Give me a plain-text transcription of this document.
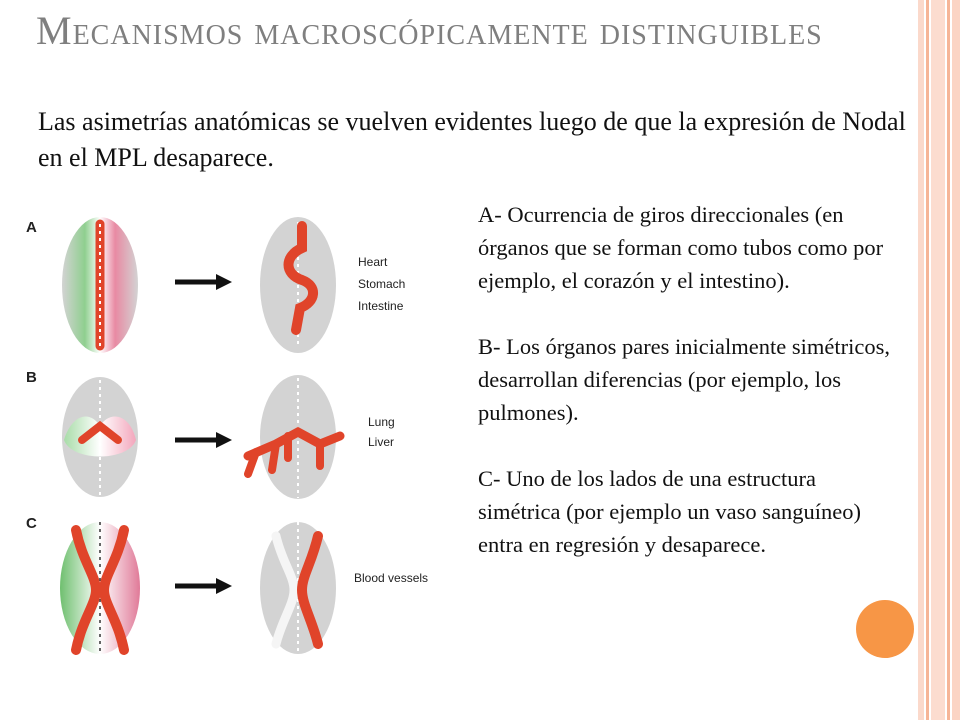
Mecanismos macroscópicamente distinguibles
Las asimetrías anatómicas se vuelven evidentes luego de que la expresión de Nodal en el MPL desaparece.
A
B
C
Heart
Stomach
Intestine
Lung
Liver
Blood vessels

A- Ocurrencia de giros direccionales (en órganos que se forman como tubos como por ejemplo, el corazón y el intestino).

B- Los órganos pares inicialmente simétricos, desarrollan diferencias (por ejemplo, los pulmones).

C- Uno de los lados de una estructura simétrica (por ejemplo un vaso sanguíneo) entra en regresión y desaparece.
